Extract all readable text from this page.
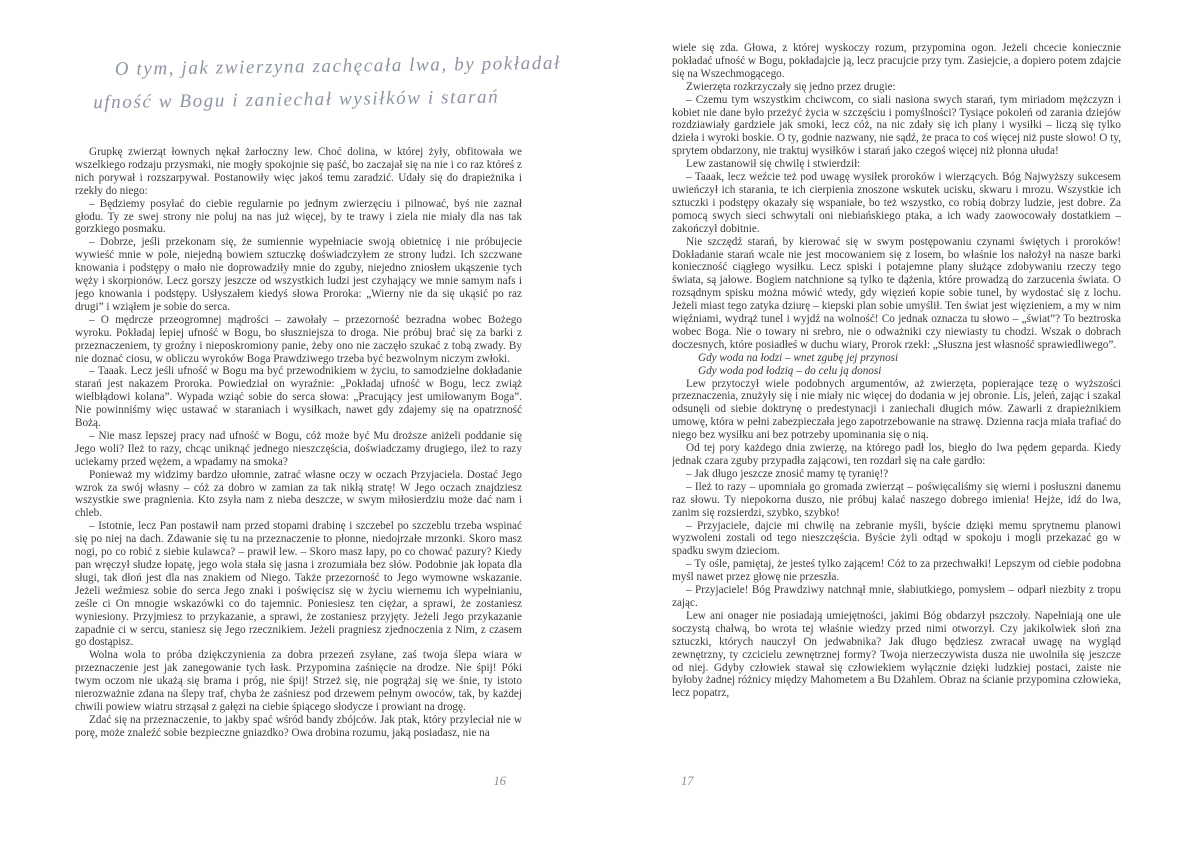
O tym, jak zwierzyna zachęcała lwa, by pokładał
ufność w Bogu i zaniechał wysiłków i starań

Grupkę zwierząt łownych nękał żarłoczny lew. Choć dolina, w której żyły, obfitowała we wszelkiego rodzaju przysmaki, nie mogły spokojnie się paść, bo zaczajał się na nie i co raz któreś z nich porywał i rozszarpywał. Postanowiły więc jakoś temu zaradzić. Udały się do drapieżnika i rzekły do niego:

– Będziemy posyłać do ciebie regularnie po jednym zwierzęciu i pilnować, byś nie zaznał głodu. Ty ze swej strony nie poluj na nas już więcej, by te trawy i ziela nie miały dla nas tak gorzkiego posmaku.

– Dobrze, jeśli przekonam się, że sumiennie wypełniacie swoją obietnicę i nie próbujecie wywieść mnie w pole, niejedną bowiem sztuczkę doświadczyłem ze strony ludzi. Ich szczwane knowania i podstępy o mało nie doprowadziły mnie do zguby, niejedno zniosłem ukąszenie tych węży i skorpionów. Lecz gorszy jeszcze od wszystkich ludzi jest czyhający we mnie samym nafs i jego knowania i podstępy. Usłyszałem kiedyś słowa Proroka: „Wierny nie da się ukąsić po raz drugi” i wziąłem je sobie do serca.

– O mędrcze przeogromnej mądrości – zawołały – przezorność bezradna wobec Bożego wyroku. Pokładaj lepiej ufność w Bogu, bo słuszniejsza to droga. Nie próbuj brać się za barki z przeznaczeniem, ty groźny i nieposkromiony panie, żeby ono nie zaczęło szukać z tobą zwady. By nie doznać ciosu, w obliczu wyroków Boga Prawdziwego trzeba być bezwolnym niczym zwłoki.

– Taaak. Lecz jeśli ufność w Bogu ma być przewodnikiem w życiu, to samodzielne dokładanie starań jest nakazem Proroka. Powiedział on wyraźnie: „Pokładaj ufność w Bogu, lecz zwiąż wielbłądowi kolana”. Wypada wziąć sobie do serca słowa: „Pracujący jest umiłowanym Boga”. Nie powinniśmy więc ustawać w staraniach i wysiłkach, nawet gdy zdajemy się na opatrzność Bożą.

– Nie masz lepszej pracy nad ufność w Bogu, cóż może być Mu droższe aniżeli poddanie się Jego woli? Ileż to razy, chcąc uniknąć jednego nieszczęścia, doświadczamy drugiego, ileż to razy uciekamy przed wężem, a wpadamy na smoka?

Ponieważ my widzimy bardzo ułomnie, zatrać własne oczy w oczach Przyjaciela. Dostać Jego wzrok za swój własny – cóż za dobro w zamian za tak nikłą stratę! W Jego oczach znajdziesz wszystkie swe pragnienia. Kto zsyła nam z nieba deszcze, w swym miłosierdziu może dać nam i chleb.

– Istotnie, lecz Pan postawił nam przed stopami drabinę i szczebel po szczeblu trzeba wspinać się po niej na dach. Zdawanie się tu na przeznaczenie to płonne, niedojrzałe mrzonki. Skoro masz nogi, po co robić z siebie kulawca? – prawił lew. – Skoro masz łapy, po co chować pazury? Kiedy pan wręczył słudze łopatę, jego wola stała się jasna i zrozumiała bez słów. Podobnie jak łopata dla sługi, tak dłoń jest dla nas znakiem od Niego. Także przezorność to Jego wymowne wskazanie. Jeżeli weźmiesz sobie do serca Jego znaki i poświęcisz się w życiu wiernemu ich wypełnianiu, ześle ci On mnogie wskazówki co do tajemnic. Poniesiesz ten ciężar, a sprawi, że zostaniesz wyniesiony. Przyjmiesz to przykazanie, a sprawi, że zostaniesz przyjęty. Jeżeli Jego przykazanie zapadnie ci w sercu, staniesz się Jego rzecznikiem. Jeżeli pragniesz zjednoczenia z Nim, z czasem go dostąpisz.

Wolna wola to próba dziękczynienia za dobra przezeń zsyłane, zaś twoja ślepa wiara w przeznaczenie jest jak zanegowanie tych łask. Przypomina zaśnięcie na drodze. Nie śpij! Póki twym oczom nie ukażą się brama i próg, nie śpij! Strzeż się, nie pogrążaj się we śnie, ty istoto nierozważnie zdana na ślepy traf, chyba że zaśniesz pod drzewem pełnym owoców, tak, by każdej chwili powiew wiatru strząsał z gałęzi na ciebie śpiącego słodycze i prowiant na drogę.

Zdać się na przeznaczenie, to jakby spać wśród bandy zbójców. Jak ptak, który przyleciał nie w porę, może znaleźć sobie bezpieczne gniazdko? Owa drobina rozumu, jaką posiadasz, nie na

16

wiele się zda. Głowa, z której wyskoczy rozum, przypomina ogon. Jeżeli chcecie koniecznie pokładać ufność w Bogu, pokładajcie ją, lecz pracujcie przy tym. Zasiejcie, a dopiero potem zdajcie się na Wszechmogącego.

Zwierzęta rozkrzyczały się jedno przez drugie:

– Czemu tym wszystkim chciwcom, co siali nasiona swych starań, tym miriadom mężczyzn i kobiet nie dane było przeżyć życia w szczęściu i pomyślności? Tysiące pokoleń od zarania dziejów rozdziawiały gardziele jak smoki, lecz cóż, na nic zdały się ich plany i wysiłki – liczą się tylko dzieła i wyroki boskie. O ty, godnie nazwany, nie sądź, że praca to coś więcej niż puste słowo! O ty, sprytem obdarzony, nie traktuj wysiłków i starań jako czegoś więcej niż płonna ułuda!

Lew zastanowił się chwilę i stwierdził:

– Taaak, lecz weźcie też pod uwagę wysiłek proroków i wierzących. Bóg Najwyższy sukcesem uwieńczył ich starania, te ich cierpienia znoszone wskutek ucisku, skwaru i mrozu. Wszystkie ich sztuczki i podstępy okazały się wspaniałe, bo też wszystko, co robią dobrzy ludzie, jest dobre. Za pomocą swych sieci schwytali oni niebiańskiego ptaka, a ich wady zaowocowały dostatkiem – zakończył dobitnie.

Nie szczędź starań, by kierować się w swym postępowaniu czynami świętych i proroków! Dokładanie starań wcale nie jest mocowaniem się z losem, bo właśnie los nałożył na nasze barki konieczność ciągłego wysiłku. Lecz spiski i potajemne plany służące zdobywaniu rzeczy tego świata, są jałowe. Bogiem natchnione są tylko te dążenia, które prowadzą do zarzucenia świata. O rozsądnym spisku można mówić wtedy, gdy więzień kopie sobie tunel, by wydostać się z lochu. Jeżeli miast tego zatyka dziurę – kiepski plan sobie umyślił. Ten świat jest więzieniem, a my w nim więźniami, wydrąż tunel i wyjdź na wolność! Co jednak oznacza tu słowo – „świat”? To beztroska wobec Boga. Nie o towary ni srebro, nie o odważniki czy niewiasty tu chodzi. Wszak o dobrach doczesnych, które posiadłeś w duchu wiary, Prorok rzekł: „Słuszna jest własność sprawiedliwego”.

Gdy woda na łodzi – wnet zgubę jej przynosi

Gdy woda pod łodzią – do celu ją donosi

Lew przytoczył wiele podobnych argumentów, aż zwierzęta, popierające tezę o wyższości przeznaczenia, znużyły się i nie miały nic więcej do dodania w jej obronie. Lis, jeleń, zając i szakal odsunęli od siebie doktrynę o predestynacji i zaniechali długich mów. Zawarli z drapieżnikiem umowę, która w pełni zabezpieczała jego zapotrzebowanie na strawę. Dzienna racja miała trafiać do niego bez wysiłku ani bez potrzeby upominania się o nią.

Od tej pory każdego dnia zwierzę, na którego padł los, biegło do lwa pędem geparda. Kiedy jednak czara zguby przypadła zającowi, ten rozdarł się na całe gardło:

– Jak długo jeszcze znosić mamy tę tyranię!?

– Ileż to razy – upomniała go gromada zwierząt – poświęcaliśmy się wierni i posłuszni danemu raz słowu. Ty niepokorna duszo, nie próbuj kalać naszego dobrego imienia! Hejże, idź do lwa, zanim się rozsierdzi, szybko, szybko!

– Przyjaciele, dajcie mi chwilę na zebranie myśli, byście dzięki memu sprytnemu planowi wyzwoleni zostali od tego nieszczęścia. Byście żyli odtąd w spokoju i mogli przekazać go w spadku swym dzieciom.

– Ty ośle, pamiętaj, że jesteś tylko zającem! Cóż to za przechwałki! Lepszym od ciebie podobna myśl nawet przez głowę nie przeszła.

– Przyjaciele! Bóg Prawdziwy natchnął mnie, słabiutkiego, pomysłem – odparł niezbity z tropu zając.

Lew ani onager nie posiadają umiejętności, jakimi Bóg obdarzył pszczoły. Napełniają one ule soczystą chałwą, bo wrota tej właśnie wiedzy przed nimi otworzył. Czy jakikolwiek słoń zna sztuczki, których nauczył On jedwabnika? Jak długo będziesz zwracał uwagę na wygląd zewnętrzny, ty czcicielu zewnętrznej formy? Twoja nierzeczywista dusza nie uwolniła się jeszcze od niej. Gdyby człowiek stawał się człowiekiem wyłącznie dzięki ludzkiej postaci, zaiste nie byłoby żadnej różnicy między Mahometem a Bu Dżahlem. Obraz na ścianie przypomina człowieka, lecz popatrz,

17
